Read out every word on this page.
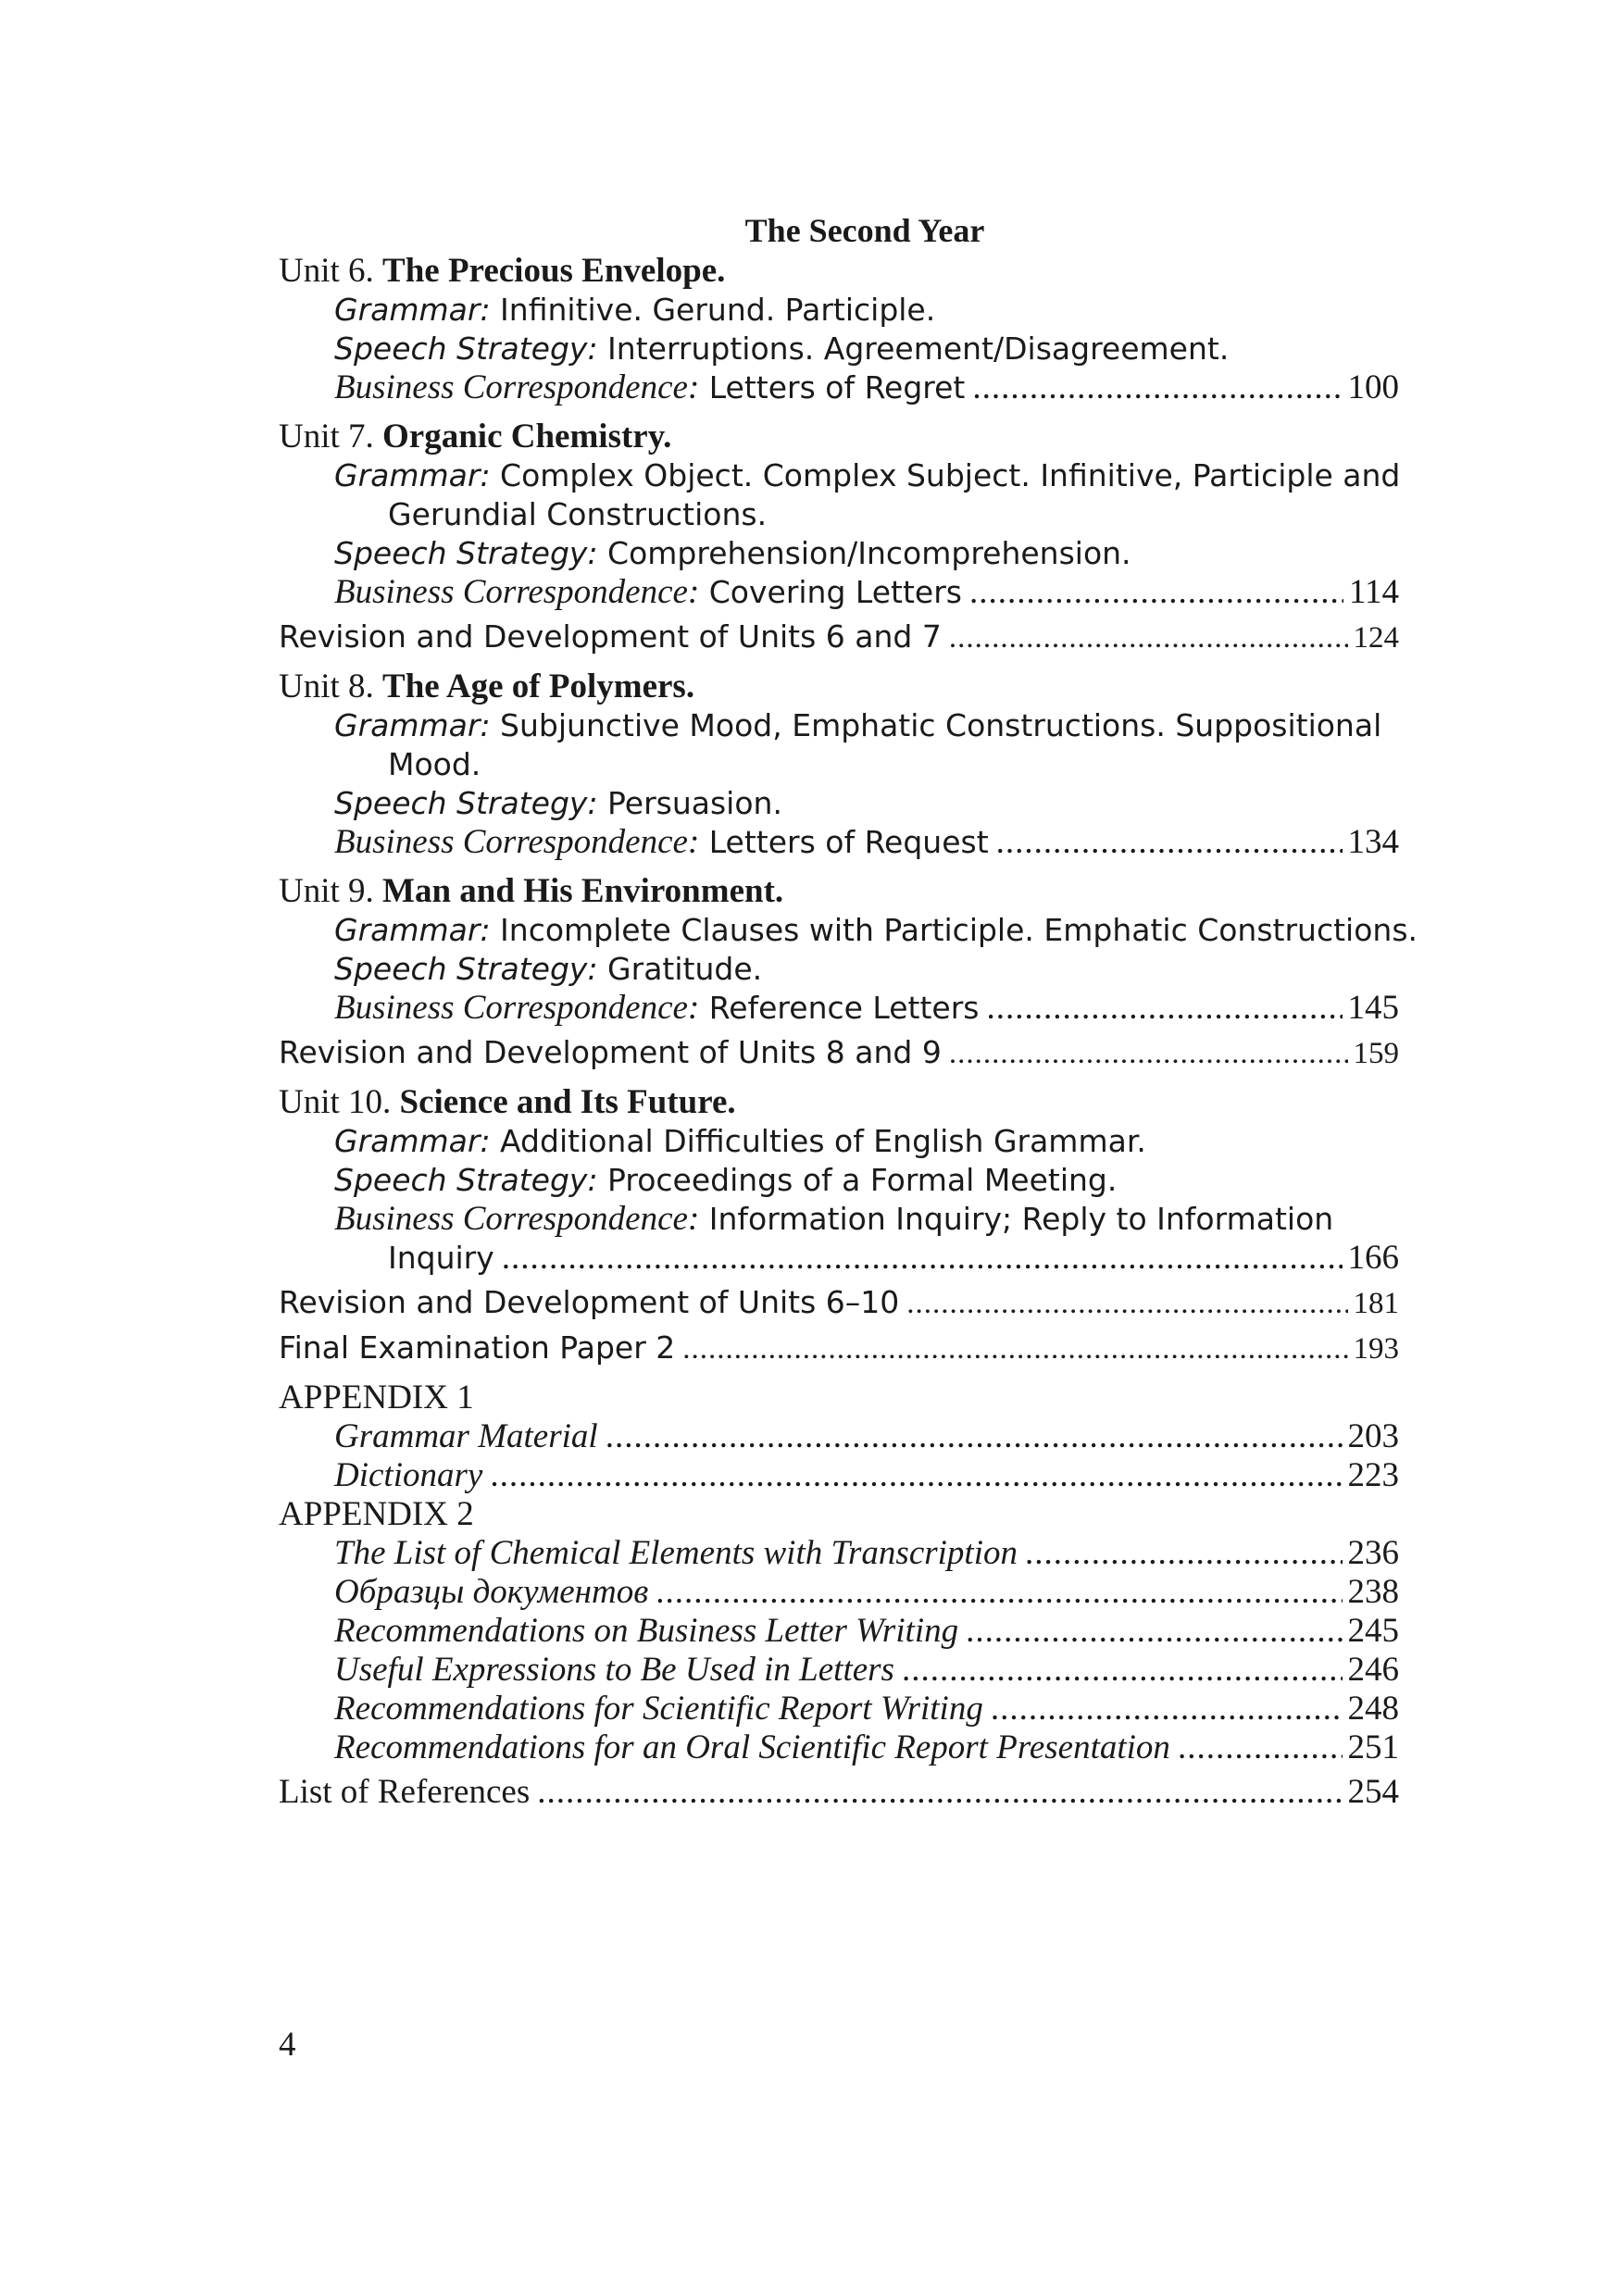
The Second Year
Unit 6. The Precious Envelope.
Grammar: Infinitive. Gerund. Participle.
Speech Strategy: Interruptions. Agreement/Disagreement.
Business Correspondence: Letters of Regret .....	100
Unit 7. Organic Chemistry.
Grammar: Complex Object. Complex Subject. Infinitive, Participle and
Gerundial Constructions.
Speech Strategy: Comprehension/Incomprehension.
Business Correspondence: Covering Letters .....	114
Revision and Development of Units 6 and 7 .....	124
Unit 8. The Age of Polymers.
Grammar: Subjunctive Mood, Emphatic Constructions. Suppositional
Mood.
Speech Strategy: Persuasion.
Business Correspondence: Letters of Request .....	134
Unit 9. Man and His Environment.
Grammar: Incomplete Clauses with Participle. Emphatic Constructions.
Speech Strategy: Gratitude.
Business Correspondence: Reference Letters .....	145
Revision and Development of Units 8 and 9 .....	159
Unit 10. Science and Its Future.
Grammar: Additional Difficulties of English Grammar.
Speech Strategy: Proceedings of a Formal Meeting.
Business Correspondence: Information Inquiry; Reply to Information
Inquiry .....	166
Revision and Development of Units 6–10 .....	181
Final Examination Paper 2 .....	193
APPENDIX 1
Grammar Material .....	203
Dictionary .....	223
APPENDIX 2
The List of Chemical Elements with Transcription .....	236
Образцы документов .....	238
Recommendations on Business Letter Writing .....	245
Useful Expressions to Be Used in Letters .....	246
Recommendations for Scientific Report Writing .....	248
Recommendations for an Oral Scientific Report Presentation .....	251
List of References .....	254
4
